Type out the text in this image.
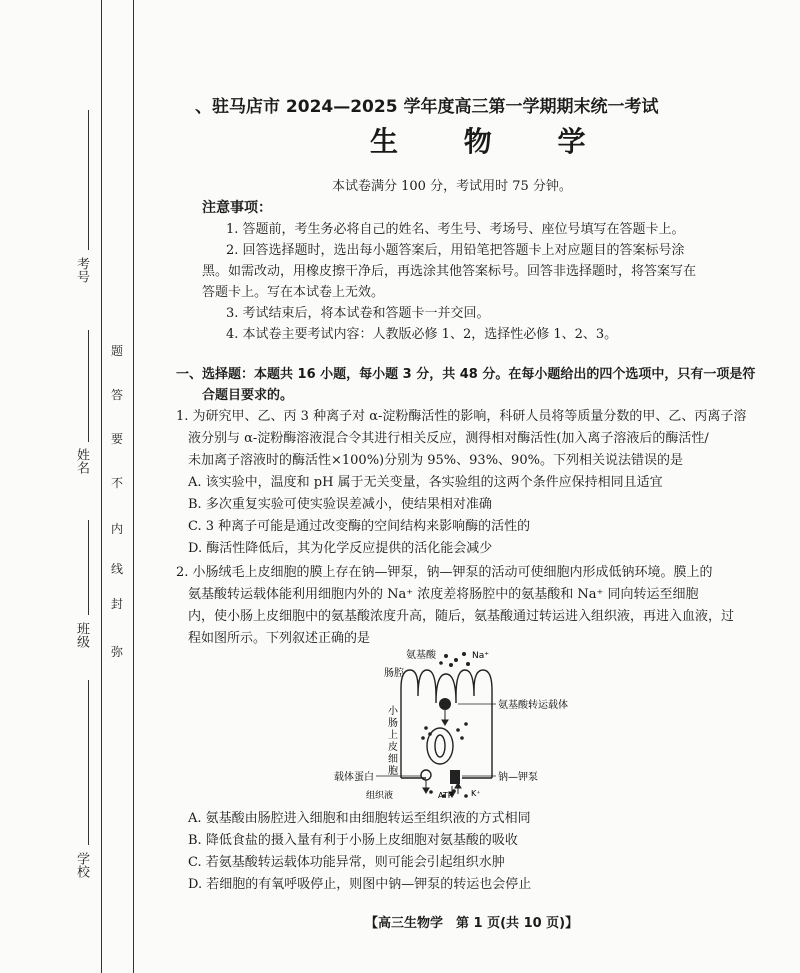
考号
姓名
班级
学校
弥
封
线
内
不
要
答
题
、驻马店市 2024—2025 学年度高三第一学期期末统一考试
生 物 学
本试卷满分 100 分，考试用时 75 分钟。
注意事项：
1. 答题前，考生务必将自己的姓名、考生号、考场号、座位号填写在答题卡上。
2. 回答选择题时，选出每小题答案后，用铅笔把答题卡上对应题目的答案标号涂
黑。如需改动，用橡皮擦干净后，再选涂其他答案标号。回答非选择题时，将答案写在
答题卡上。写在本试卷上无效。
3. 考试结束后，将本试卷和答题卡一并交回。
4. 本试卷主要考试内容：人教版必修 1、2，选择性必修 1、2、3。
一、选择题：本题共 16 小题，每小题 3 分，共 48 分。在每小题给出的四个选项中，只有一项是符
合题目要求的。
1. 为研究甲、乙、丙 3 种离子对 α-淀粉酶活性的影响，科研人员将等质量分数的甲、乙、丙离子溶
液分别与 α-淀粉酶溶液混合令其进行相关反应，测得相对酶活性(加入离子溶液后的酶活性/
未加离子溶液时的酶活性×100%)分别为 95%、93%、90%。下列相关说法错误的是
A. 该实验中，温度和 pH 属于无关变量，各实验组的这两个条件应保持相同且适宜
B. 多次重复实验可使实验误差减小，使结果相对准确
C. 3 种离子可能是通过改变酶的空间结构来影响酶的活性的
D. 酶活性降低后，其为化学反应提供的活化能会减少
2. 小肠绒毛上皮细胞的膜上存在钠—钾泵，钠—钾泵的活动可使细胞内形成低钠环境。膜上的
氨基酸转运载体能利用细胞内外的 Na⁺ 浓度差将肠腔中的氨基酸和 Na⁺ 同向转运至细胞
内，使小肠上皮细胞中的氨基酸浓度升高，随后，氨基酸通过转运进入组织液，再进入血液，过
程如图所示。下列叙述正确的是
氨基酸	Na⁺
肠腔
氨基酸转运载体
小
肠
上
皮
细
胞
载体蛋白
组织液	ATP
钠—钾泵
K⁺
A. 氨基酸由肠腔进入细胞和由细胞转运至组织液的方式相同
B. 降低食盐的摄入量有利于小肠上皮细胞对氨基酸的吸收
C. 若氨基酸转运载体功能异常，则可能会引起组织水肿
D. 若细胞的有氧呼吸停止，则图中钠—钾泵的转运也会停止
【高三生物学　第 1 页(共 10 页)】
